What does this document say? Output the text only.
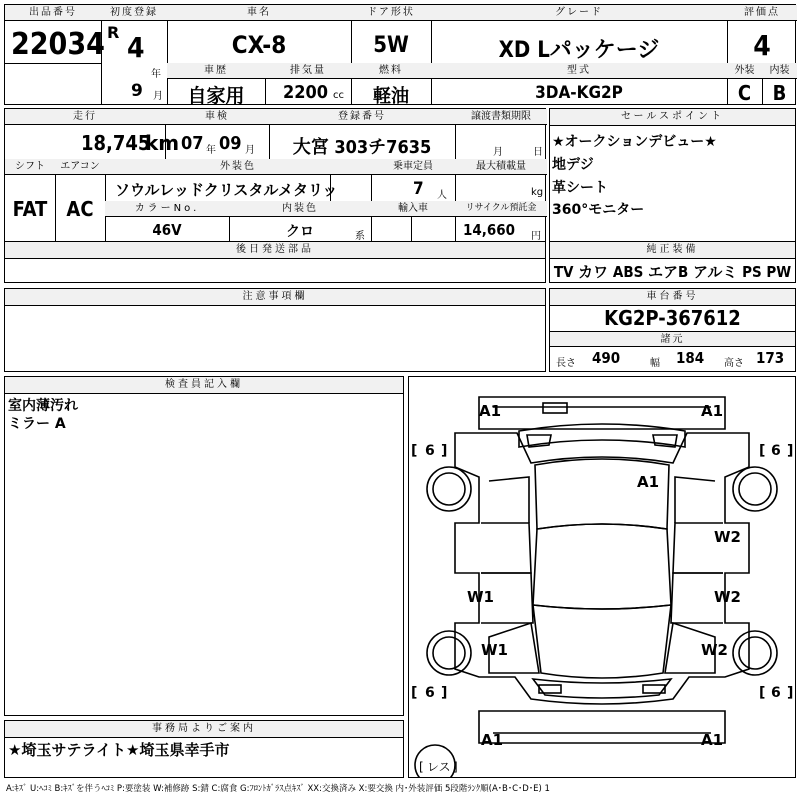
出品番号
22034
初度登録
R 4
年
車名
CX-8
ドア形状
5W
グレード
XD Lパッケージ
評価点
4
9 月
車歴
自家用
排気量
2200 cc
燃料
軽油
型式
3DA-KG2P
外装	内装
C	B
走行
18,745
km
車検
07 年 09 月
登録番号
大宮 303チ7635
譲渡書類期限
月	日
シフト
FAT
エアコン
AC
外装色
ソウルレッドクリスタルメタリッ
乗車定員
7 人
最大積載量
kg
カラーNo.
46V
内装色
クロ	系
輸入車	リサイクル預託金
14,660 円
後日発送部品
セールスポイント
★オークションデビュー★
地デジ
革シート
360°モニター
純正装備
TV カワ ABS エアB アルミ PS PW
注意事項欄	車台番号
KG2P-367612
諸元
長さ 490	幅 184 高さ 173
検査員記入欄
室内薄汚れ
ミラー A
事務局よりご案内
★埼玉サテライト★埼玉県幸手市
A1	A1
A1
W2
W1	W2
W1	W2
A1	A1
[ 6 ]	[ 6 ]
[ 6 ]	[ 6 ]
[ レス ]
A:ｷｽﾞ U:ﾍｺﾐ B:ｷｽﾞを伴うﾍｺﾐ P:要塗装 W:補修跡 S:錆 C:腐食 G:ﾌﾛﾝﾄｶﾞﾗｽ点ｷｽﾞ XX:交換済み X:要交換 内･外装評価 5段階ﾗﾝｸ順(A･B･C･D･E) 1
